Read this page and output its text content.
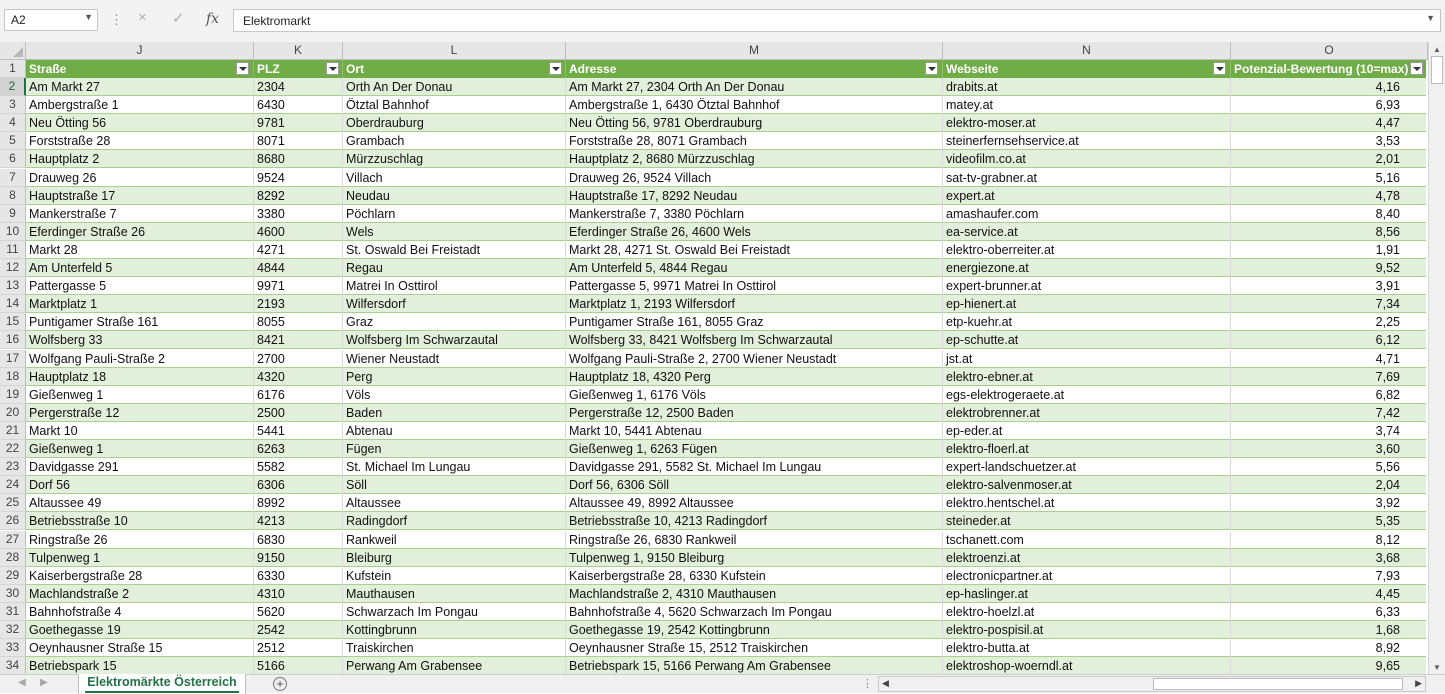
A2	▼ ⋮ × ✓ fx Elektromarkt	▼
J	K	L	M	N	O
1	Straße	PLZ	Ort	Adresse	Webseite	Potenzial-Bewertung (10=max)
Am Markt 27	2304	Orth An Der Donau	Am Markt 27, 2304 Orth An Der Donau	drabits.at	4,16
Ambergstraße 1	6430	Ötztal Bahnhof	Ambergstraße 1, 6430 Ötztal Bahnhof	matey.at	6,93
Neu Ötting 56	9781	Oberdrauburg	Neu Ötting 56, 9781 Oberdrauburg	elektro-moser.at	4,47
Forststraße 28	8071	Grambach	Forststraße 28, 8071 Grambach	steinerfernsehservice.at	3,53
Hauptplatz 2	8680	Mürzzuschlag	Hauptplatz 2, 8680 Mürzzuschlag	videofilm.co.at	2,01
Drauweg 26	9524	Villach	Drauweg 26, 9524 Villach	sat-tv-grabner.at	5,16
Hauptstraße 17	8292	Neudau	Hauptstraße 17, 8292 Neudau	expert.at	4,78
Mankerstraße 7	3380	Pöchlarn	Mankerstraße 7, 3380 Pöchlarn	amashaufer.com	8,40
Eferdinger Straße 26	4600	Wels	Eferdinger Straße 26, 4600 Wels	ea-service.at	8,56
Markt 28	4271	St. Oswald Bei Freistadt	Markt 28, 4271 St. Oswald Bei Freistadt	elektro-oberreiter.at	1,91
Am Unterfeld 5	4844	Regau	Am Unterfeld 5, 4844 Regau	energiezone.at	9,52
Pattergasse 5	9971	Matrei In Osttirol	Pattergasse 5, 9971 Matrei In Osttirol	expert-brunner.at	3,91
Marktplatz 1	2193	Wilfersdorf	Marktplatz 1, 2193 Wilfersdorf	ep-hienert.at	7,34
Puntigamer Straße 161	8055	Graz	Puntigamer Straße 161, 8055 Graz	etp-kuehr.at	2,25
Wolfsberg 33	8421	Wolfsberg Im Schwarzautal	Wolfsberg 33, 8421 Wolfsberg Im Schwarzautal	ep-schutte.at	6,12
Wolfgang Pauli-Straße 2	2700	Wiener Neustadt	Wolfgang Pauli-Straße 2, 2700 Wiener Neustadt	jst.at	4,71
Hauptplatz 18	4320	Perg	Hauptplatz 18, 4320 Perg	elektro-ebner.at	7,69
Gießenweg 1	6176	Völs	Gießenweg 1, 6176 Völs	egs-elektrogeraete.at	6,82
Pergerstraße 12	2500	Baden	Pergerstraße 12, 2500 Baden	elektrobrenner.at	7,42
Markt 10	5441	Abtenau	Markt 10, 5441 Abtenau	ep-eder.at	3,74
Gießenweg 1	6263	Fügen	Gießenweg 1, 6263 Fügen	elektro-floerl.at	3,60
Davidgasse 291	5582	St. Michael Im Lungau	Davidgasse 291, 5582 St. Michael Im Lungau	expert-landschuetzer.at	5,56
Dorf 56	6306	Söll	Dorf 56, 6306 Söll	elektro-salvenmoser.at	2,04
Altaussee 49	8992	Altaussee	Altaussee 49, 8992 Altaussee	elektro.hentschel.at	3,92
Betriebsstraße 10	4213	Radingdorf	Betriebsstraße 10, 4213 Radingdorf	steineder.at	5,35
Ringstraße 26	6830	Rankweil	Ringstraße 26, 6830 Rankweil	tschanett.com	8,12
Tulpenweg 1	9150	Bleiburg	Tulpenweg 1, 9150 Bleiburg	elektroenzi.at	3,68
Kaiserbergstraße 28	6330	Kufstein	Kaiserbergstraße 28, 6330 Kufstein	electronicpartner.at	7,93
Machlandstraße 2	4310	Mauthausen	Machlandstraße 2, 4310 Mauthausen	ep-haslinger.at	4,45
Bahnhofstraße 4	5620	Schwarzach Im Pongau	Bahnhofstraße 4, 5620 Schwarzach Im Pongau	elektro-hoelzl.at	6,33
Goethegasse 19	2542	Kottingbrunn	Goethegasse 19, 2542 Kottingbrunn	elektro-pospisil.at	1,68
Oeynhausner Straße 15	2512	Traiskirchen	Oeynhausner Straße 15, 2512 Traiskirchen	elektro-butta.at	8,92
Betriebspark 15	5166	Perwang Am Grabensee	Betriebspark 15, 5166 Perwang Am Grabensee	elektroshop-woerndl.at	9,65
2
3
4
5
6
7
8
9
10
11
12
13
14
15
16
17
18
19
20
21
22
23
24
25
26
27
28
29
30
31
32
33
34
▲
▼
◀ ▶	Elektromärkte Österreich	+	⋮ ◀	▶
